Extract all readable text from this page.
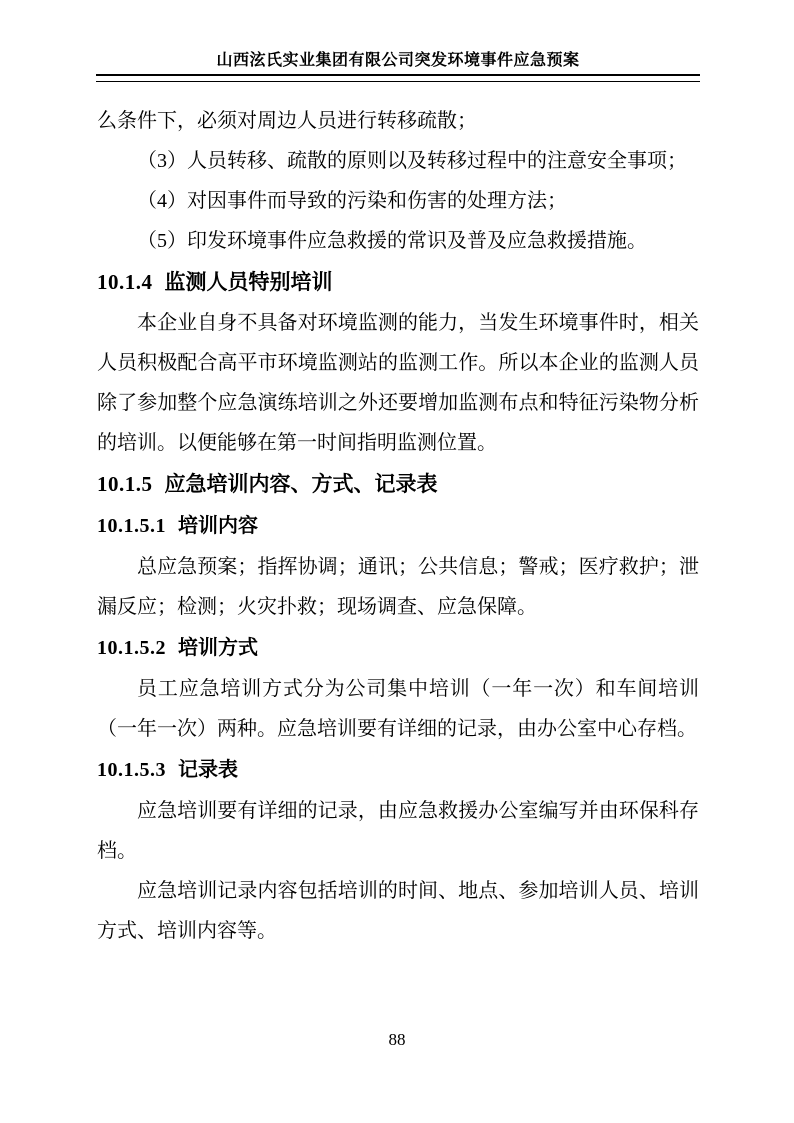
山西泫氏实业集团有限公司突发环境事件应急预案

么条件下，必须对周边人员进行转移疏散；

（3）人员转移、疏散的原则以及转移过程中的注意安全事项；

（4）对因事件而导致的污染和伤害的处理方法；

（5）印发环境事件应急救援的常识及普及应急救援措施。

10.1.4 监测人员特别培训

本企业自身不具备对环境监测的能力，当发生环境事件时，相关人员积极配合高平市环境监测站的监测工作。所以本企业的监测人员除了参加整个应急演练培训之外还要增加监测布点和特征污染物分析的培训。以便能够在第一时间指明监测位置。

10.1.5 应急培训内容、方式、记录表

10.1.5.1 培训内容

总应急预案；指挥协调；通讯；公共信息；警戒；医疗救护；泄漏反应；检测；火灾扑救；现场调查、应急保障。

10.1.5.2 培训方式

员工应急培训方式分为公司集中培训（一年一次）和车间培训（一年一次）两种。应急培训要有详细的记录，由办公室中心存档。

10.1.5.3 记录表

应急培训要有详细的记录，由应急救援办公室编写并由环保科存档。

应急培训记录内容包括培训的时间、地点、参加培训人员、培训方式、培训内容等。

88
